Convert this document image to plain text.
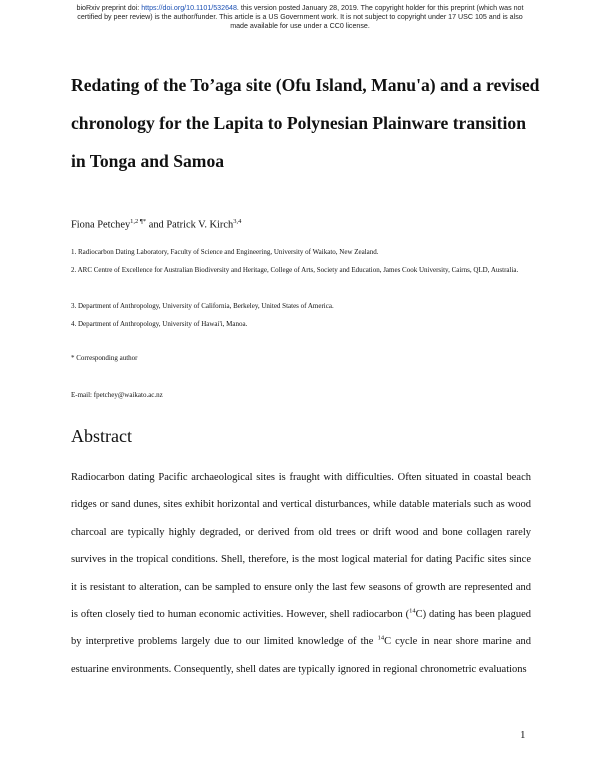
bioRxiv preprint doi: https://doi.org/10.1101/532648. this version posted January 28, 2019. The copyright holder for this preprint (which was not
certified by peer review) is the author/funder. This article is a US Government work. It is not subject to copyright under 17 USC 105 and is also
made available for use under a CC0 license.
Redating of the To’aga site (Ofu Island, Manu'a) and a revised chronology for the Lapita to Polynesian Plainware transition in Tonga and Samoa
Fiona Petchey$^{1,2 \P*}$ and Patrick V. Kirch$^{3,4}$
1. Radiocarbon Dating Laboratory, Faculty of Science and Engineering, University of Waikato, New Zealand.
2. ARC Centre of Excellence for Australian Biodiversity and Heritage, College of Arts, Society and Education, James Cook University, Cairns, QLD, Australia.
3. Department of Anthropology, University of California, Berkeley, United States of America.
4. Department of Anthropology, University of Hawai'i, Manoa.
* Corresponding author
E-mail: fpetchey@waikato.ac.nz
Abstract

Radiocarbon dating Pacific archaeological sites is fraught with difficulties. Often situated in coastal beach ridges or sand dunes, sites exhibit horizontal and vertical disturbances, while datable materials such as wood charcoal are typically highly degraded, or derived from old trees or drift wood and bone collagen rarely survives in the tropical conditions. Shell, therefore, is the most logical material for dating Pacific sites since it is resistant to alteration, can be sampled to ensure only the last few seasons of growth are represented and is often closely tied to human economic activities. However, shell radiocarbon ($^{14}$C) dating has been plagued by interpretive problems largely due to our limited knowledge of the $^{14}$C cycle in near shore marine and estuarine environments. Consequently, shell dates are typically ignored in regional chronometric evaluations

1
